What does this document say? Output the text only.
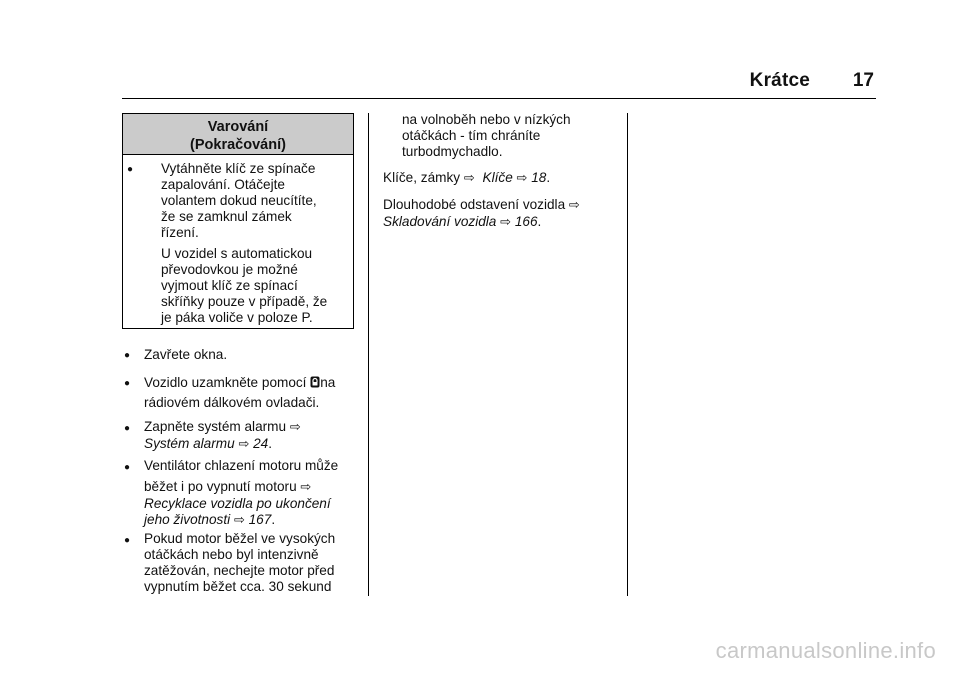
Krátce 17
Varování
(Pokračování)
● Vytáhněte klíč ze spínače
zapalování. Otáčejte
volantem dokud neucítíte,
že se zamknul zámek
řízení.
U vozidel s automatickou
převodovkou je možné
vyjmout klíč ze spínací
skříňky pouze v případě, že
je páka voliče v poloze P.
● Zavřete okna.
● Vozidlo uzamkněte pomocí na
rádiovém dálkovém ovladači.
● Zapněte systém alarmu ⇨
Systém alarmu ⇨ 24.
● Ventilátor chlazení motoru může
běžet i po vypnutí motoru ⇨
Recyklace vozidla po ukončení
jeho životnosti ⇨ 167.
● Pokud motor běžel ve vysokých
otáčkách nebo byl intenzivně
zatěžován, nechejte motor před
vypnutím běžet cca. 30 sekund
na volnoběh nebo v nízkých
otáčkách - tím chráníte
turbodmychadlo.
Klíče, zámky ⇨ Klíče ⇨ 18.
Dlouhodobé odstavení vozidla ⇨
Skladování vozidla ⇨ 166.
carmanualsonline.info
